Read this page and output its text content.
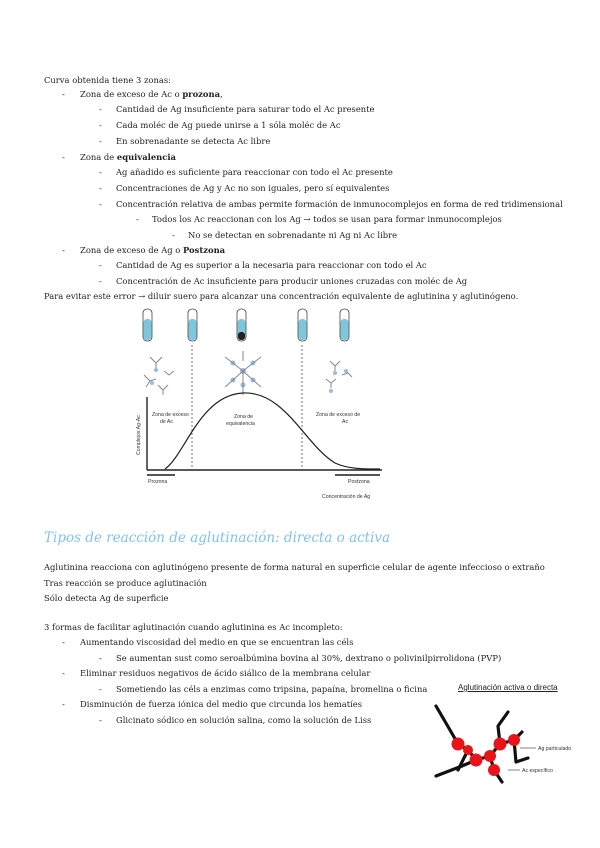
Curva obtenida tiene 3 zonas:
- Zona de exceso de Ac o prozona,
- Cantidad de Ag insuficiente para saturar todo el Ac presente
- Cada moléc de Ag puede unirse a 1 sóla moléc de Ac
- En sobrenadante se detecta Ac libre
- Zona de equivalencia
- Ag añadido es suficiente para reaccionar con todo el Ac presente
- Concentraciones de Ag y Ac no son iguales, pero sí equivalentes
- Concentración relativa de ambas permite formación de inmunocomplejos en forma de red tridimensional
- Todos los Ac reaccionan con los Ag → todos se usan para formar inmunocomplejos
- No se detectan en sobrenadante ni Ag ni Ac libre
- Zona de exceso de Ag o Postzona
- Cantidad de Ag es superior a la necesaria para reaccionar con todo el Ac
- Concentración de Ac insuficiente para producir uniones cruzadas con moléc de Ag
Para evitar este error → diluir suero para alcanzar una concentración equivalente de aglutinina y aglutinógeno.
Complejos Ag-Ac
Zona de exceso
de Ac
Zona de
equivalencia
Zona de exceso de
Ac
Prozona	Postzona
Concentración de Ag
Tipos de reacción de aglutinación: directa o activa
Aglutinina reacciona con aglutinógeno presente de forma natural en superficie celular de agente infeccioso o extraño
Tras reacción se produce aglutinación
Sólo detecta Ag de superficie
3 formas de facilitar aglutinación cuando aglutinina es Ac incompleto:
- Aumentando viscosidad del medio en que se encuentran las céls
- Se aumentan sust como seroalbúmina bovina al 30%, dextrano o polivinilpirrolidona (PVP)
- Eliminar residuos negativos de ácido siálico de la membrana celular
- Sometiendo las céls a enzimas como tripsina, papaína, bromelina o ficina
- Disminución de fuerza iónica del medio que circunda los hematíes
- Glicinato sódico en solución salina, como la solución de Liss
Aglutinación activa o directa
Ag particulado
Ac específico
